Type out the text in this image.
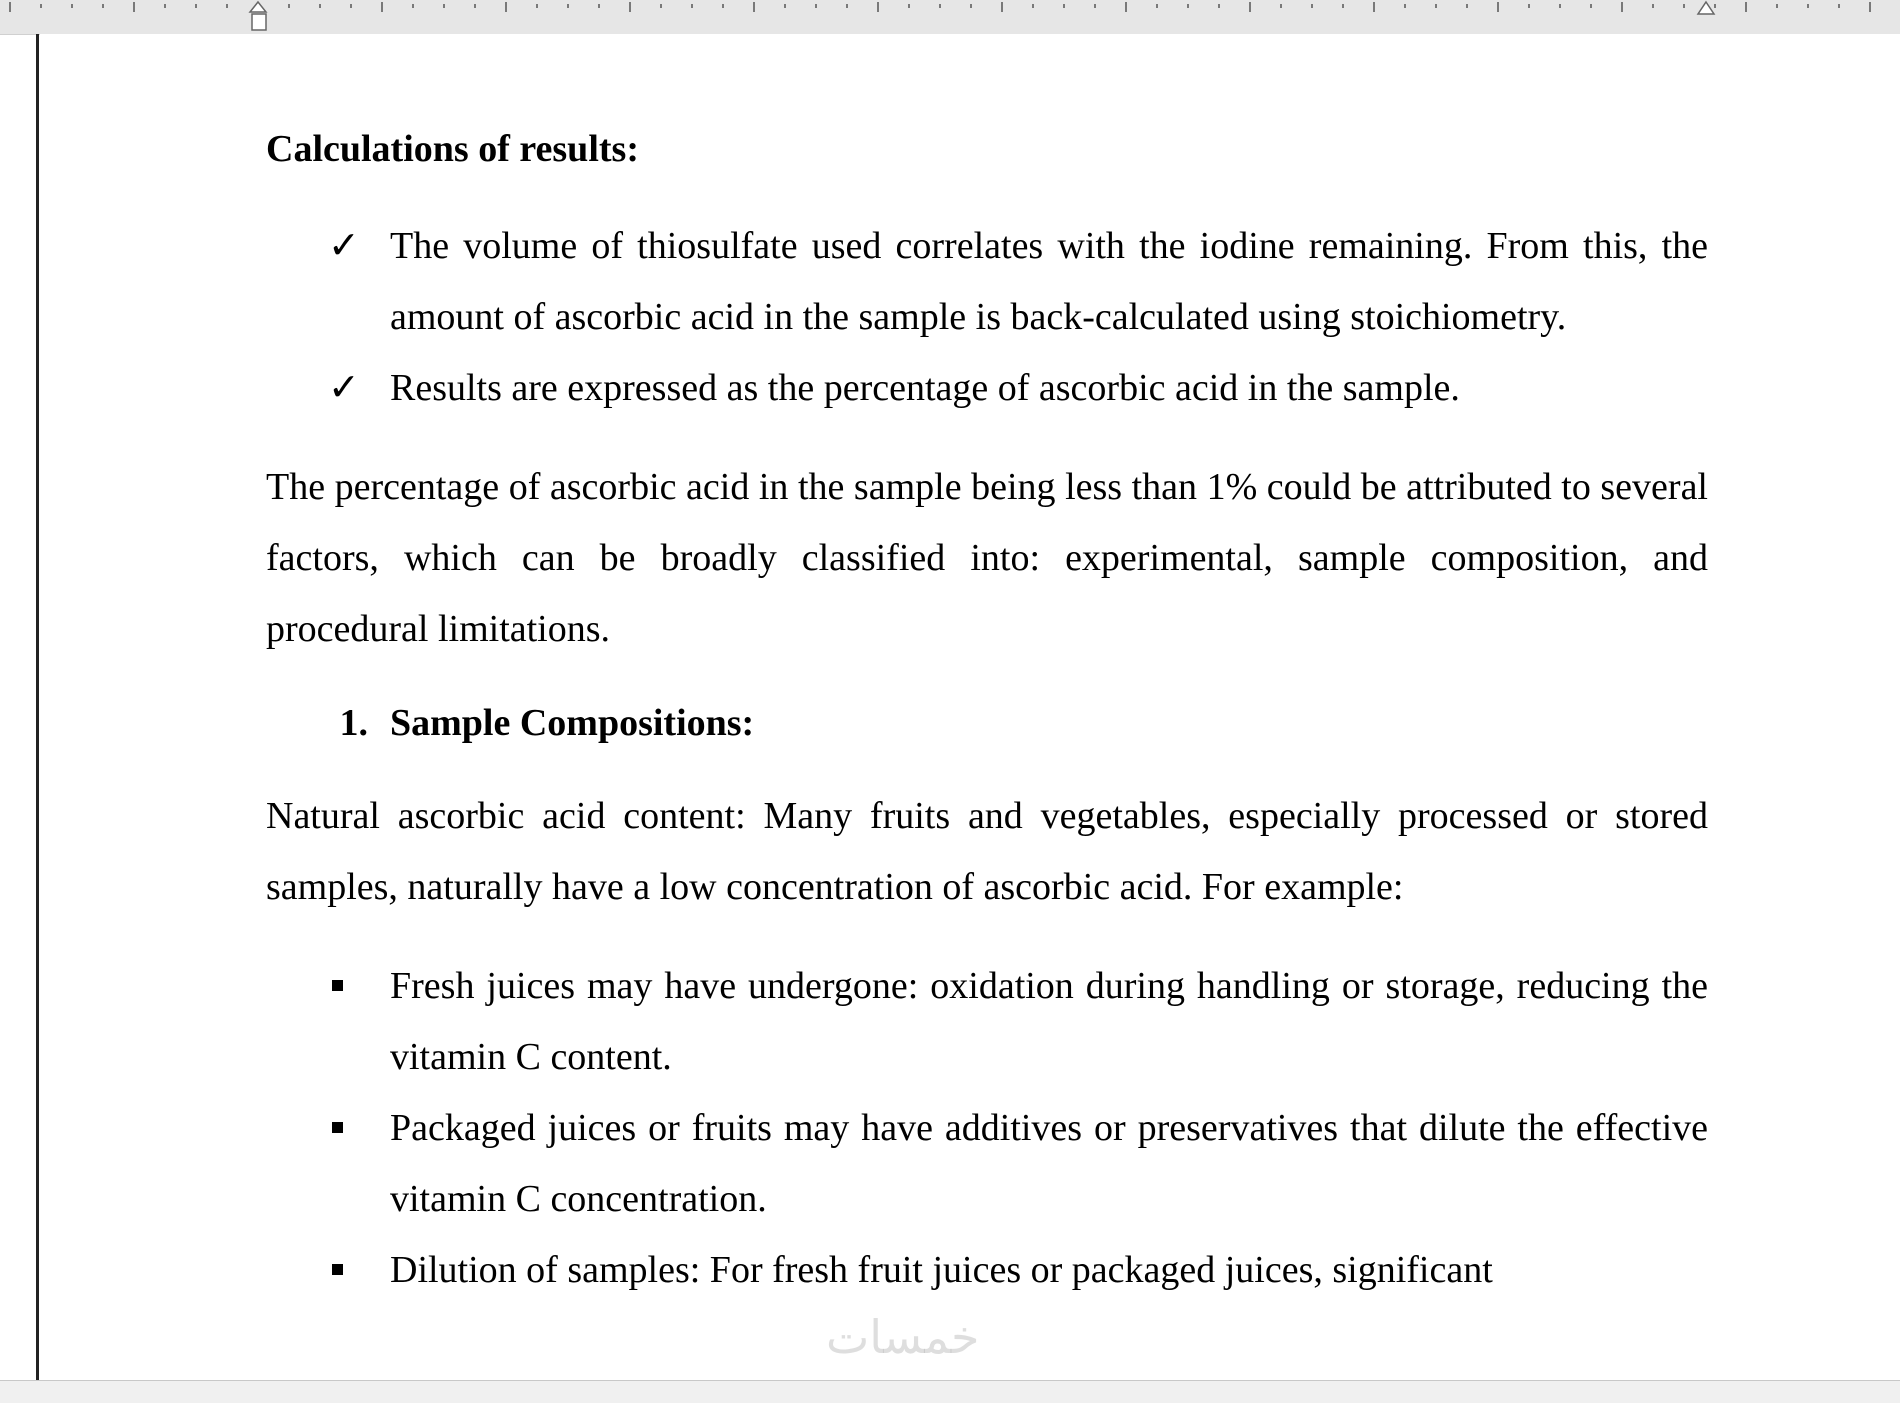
Calculations of results:

✓ The volume of thiosulfate used correlates with the iodine remaining. From this, the amount of ascorbic acid in the sample is back-calculated using stoichiometry.
✓ Results are expressed as the percentage of ascorbic acid in the sample.

The percentage of ascorbic acid in the sample being less than 1% could be attributed to several factors, which can be broadly classified into: experimental, sample composition, and procedural limitations.

1. Sample Compositions:

Natural ascorbic acid content: Many fruits and vegetables, especially processed or stored samples, naturally have a low concentration of ascorbic acid. For example:

Fresh juices may have undergone: oxidation during handling or storage, reducing the vitamin C content.
Packaged juices or fruits may have additives or preservatives that dilute the effective vitamin C concentration.
Dilution of samples: For fresh fruit juices or packaged juices, significant
خمسات
